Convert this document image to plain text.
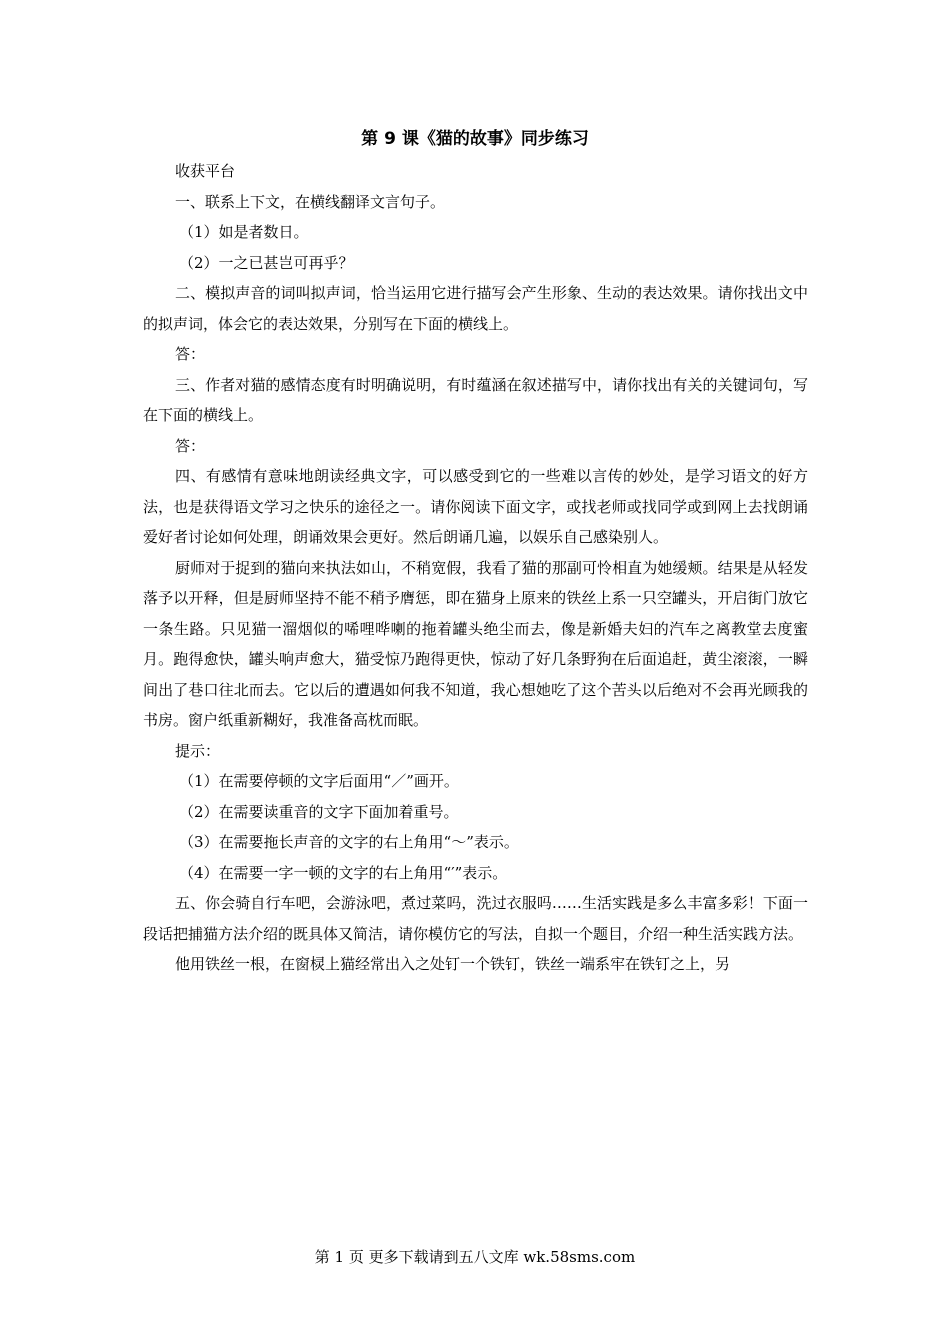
第 9 课《猫的故事》同步练习

收获平台

一、联系上下文，在横线翻译文言句子。

（1）如是者数日。

（2）一之已甚岂可再乎？

二、模拟声音的词叫拟声词，恰当运用它进行描写会产生形象、生动的表达效果。请你找出文中的拟声词，体会它的表达效果，分别写在下面的横线上。

答：

三、作者对猫的感情态度有时明确说明，有时蕴涵在叙述描写中，请你找出有关的关键词句，写在下面的横线上。

答：

四、有感情有意味地朗读经典文字，可以感受到它的一些难以言传的妙处，是学习语文的好方法，也是获得语文学习之快乐的途径之一。请你阅读下面文字，或找老师或找同学或到网上去找朗诵爱好者讨论如何处理，朗诵效果会更好。然后朗诵几遍，以娱乐自己感染别人。

厨师对于捉到的猫向来执法如山，不稍宽假，我看了猫的那副可怜相直为她缓颊。结果是从轻发落予以开释，但是厨师坚持不能不稍予膺惩，即在猫身上原来的铁丝上系一只空罐头，开启街门放它一条生路。只见猫一溜烟似的唏哩哗喇的拖着罐头绝尘而去，像是新婚夫妇的汽车之离教堂去度蜜月。跑得愈快，罐头响声愈大，猫受惊乃跑得更快，惊动了好几条野狗在后面追赶，黄尘滚滚，一瞬间出了巷口往北而去。它以后的遭遇如何我不知道，我心想她吃了这个苦头以后绝对不会再光顾我的书房。窗户纸重新糊好，我准备高枕而眠。

提示：

（1）在需要停顿的文字后面用“／”画开。

（2）在需要读重音的文字下面加着重号。

（3）在需要拖长声音的文字的右上角用“～”表示。

（4）在需要一字一顿的文字的右上角用“′”表示。

五、你会骑自行车吧，会游泳吧，煮过菜吗，洗过衣服吗……生活实践是多么丰富多彩！下面一段话把捕猫方法介绍的既具体又简洁，请你模仿它的写法，自拟一个题目，介绍一种生活实践方法。

他用铁丝一根，在窗棂上猫经常出入之处钉一个铁钉，铁丝一端系牢在铁钉之上，另

第 1 页 更多下载请到五八文库 wk.58sms.com
